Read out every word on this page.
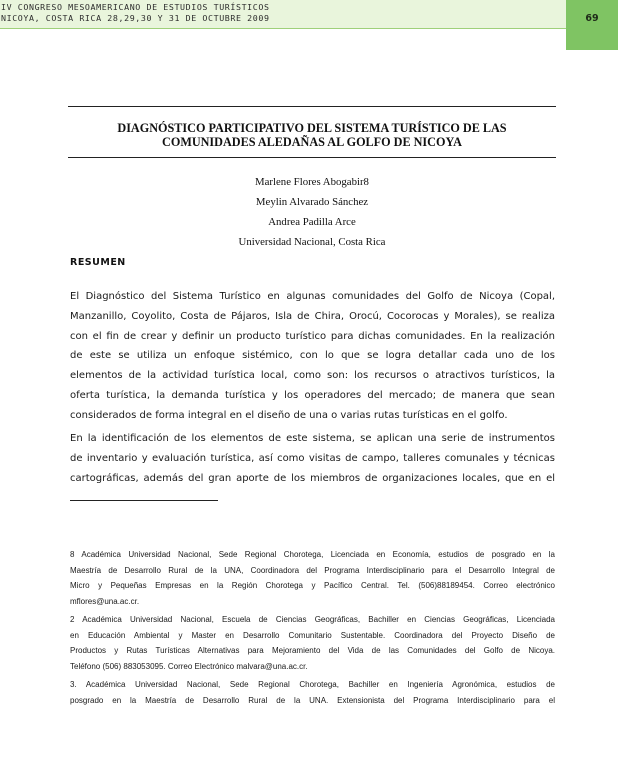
IV CONGRESO MESOAMERICANO DE ESTUDIOS TURÍSTICOS
NICOYA, COSTA RICA 28,29,30 Y 31 DE OCTUBRE 2009	69
DIAGNÓSTICO PARTICIPATIVO DEL SISTEMA TURÍSTICO DE LAS
COMUNIDADES ALEDAÑAS AL GOLFO DE NICOYA
Marlene Flores Abogabir8
Meylin Alvarado Sánchez
Andrea Padilla Arce
Universidad Nacional, Costa Rica
RESUMEN
El Diagnóstico del Sistema Turístico en algunas comunidades del Golfo de Nicoya (Copal,
Manzanillo, Coyolito, Costa de Pájaros, Isla de Chira, Orocú, Cocorocas y Morales), se realiza
con el fin de crear y definir un producto turístico para dichas comunidades. En la realización
de este se utiliza un enfoque sistémico, con lo que se logra detallar cada uno de los
elementos de la actividad turística local, como son: los recursos o atractivos turísticos, la
oferta turística, la demanda turística y los operadores del mercado; de manera que sean
considerados de forma integral en el diseño de una o varias rutas turísticas en el golfo.
En la identificación de los elementos de este sistema, se aplican una serie de instrumentos
de inventario y evaluación turística, así como visitas de campo, talleres comunales y técnicas
cartográficas, además del gran aporte de los miembros de organizaciones locales, que en el
8 Académica Universidad Nacional, Sede Regional Chorotega, Licenciada en Economía, estudios de posgrado en la
Maestría de Desarrollo Rural de la UNA, Coordinadora del Programa Interdisciplinario para el Desarrollo Integral de
Micro y Pequeñas Empresas en la Región Chorotega y Pacífico Central. Tel. (506)88189454. Correo electrónico
mflores@una.ac.cr.
2 Académica Universidad Nacional, Escuela de Ciencias Geográficas, Bachiller en Ciencias Geográficas, Licenciada
en Educación Ambiental y Master en Desarrollo Comunitario Sustentable. Coordinadora del Proyecto Diseño de
Productos y Rutas Turísticas Alternativas para Mejoramiento del Vida de las Comunidades del Golfo de Nicoya.
Teléfono (506) 883053095. Correo Electrónico malvara@una.ac.cr.
3. Académica Universidad Nacional, Sede Regional Chorotega, Bachiller en Ingeniería Agronómica, estudios de
posgrado en la Maestría de Desarrollo Rural de la UNA. Extensionista del Programa Interdisciplinario para el
